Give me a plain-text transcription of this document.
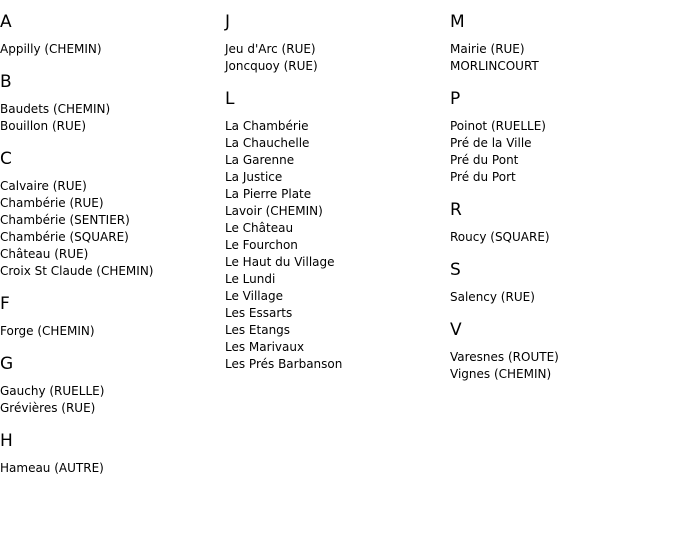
A
Appilly (CHEMIN)
B
Baudets (CHEMIN)
Bouillon (RUE)
C
Calvaire (RUE)
Chambérie (RUE)
Chambérie (SENTIER)
Chambérie (SQUARE)
Château (RUE)
Croix St Claude (CHEMIN)
F
Forge (CHEMIN)
G
Gauchy (RUELLE)
Grévières (RUE)
H
Hameau (AUTRE)
J
Jeu d'Arc (RUE)
Joncquoy (RUE)
L
La Chambérie
La Chauchelle
La Garenne
La Justice
La Pierre Plate
Lavoir (CHEMIN)
Le Château
Le Fourchon
Le Haut du Village
Le Lundi
Le Village
Les Essarts
Les Etangs
Les Marivaux
Les Prés Barbanson
M
Mairie (RUE)
MORLINCOURT
P
Poinot (RUELLE)
Pré de la Ville
Pré du Pont
Pré du Port
R
Roucy (SQUARE)
S
Salency (RUE)
V
Varesnes (ROUTE)
Vignes (CHEMIN)
